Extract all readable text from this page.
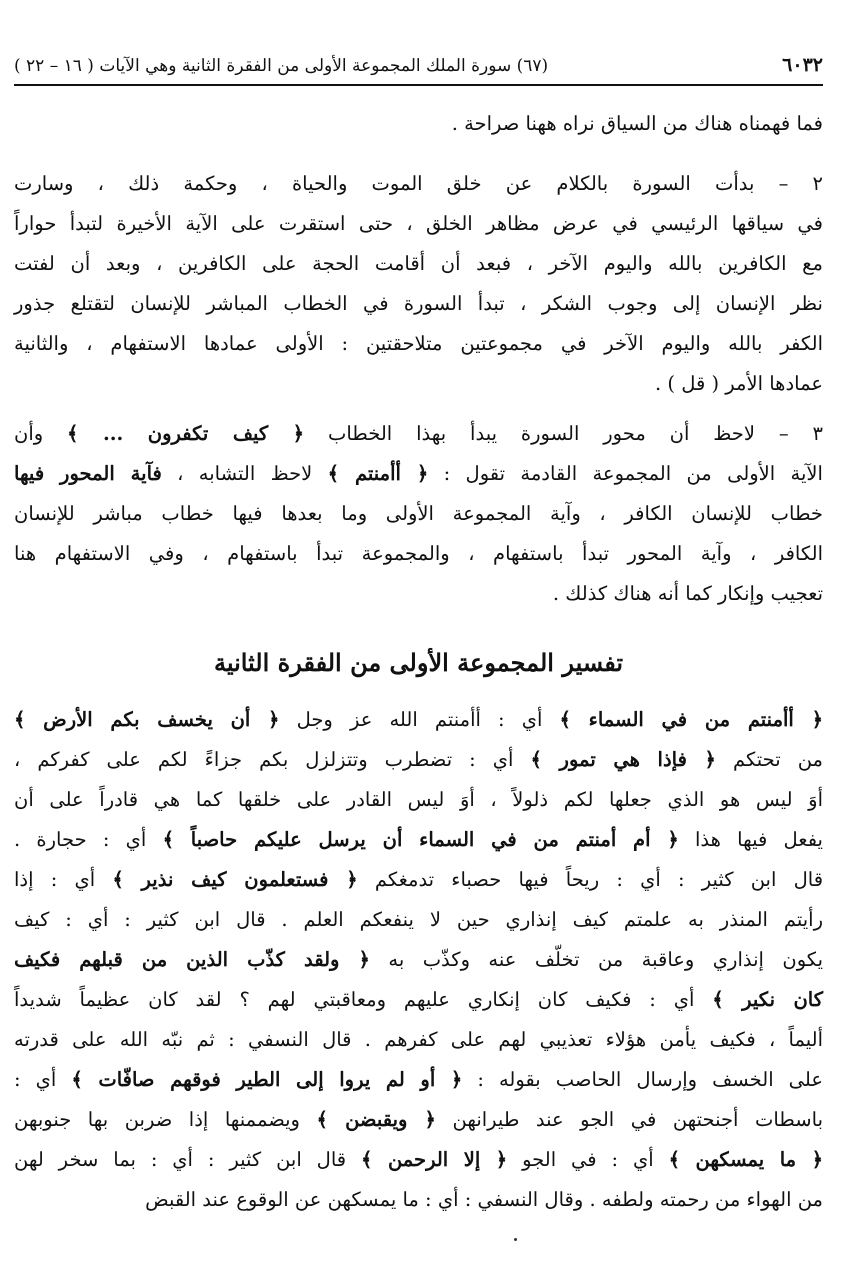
٦٠٣٢
(٦٧) سورة الملك المجموعة الأولى من الفقرة الثانية وهي الآيات ( ١٦ – ٢٢ )
فما فهمناه هناك من السياق نراه ههنا صراحة .
٢ – بدأت السورة بالكلام عن خلق الموت والحياة ، وحكمة ذلك ، وسارت
في سياقها الرئيسي في عرض مظاهر الخلق ، حتى استقرت على الآية الأخيرة لتبدأ حواراً
مع الكافرين بالله واليوم الآخر ، فبعد أن أقامت الحجة على الكافرين ، وبعد أن لفتت
نظر الإنسان إلى وجوب الشكر ، تبدأ السورة في الخطاب المباشر للإنسان لتقتلع جذور
الكفر بالله واليوم الآخر في مجموعتين متلاحقتين : الأولى عمادها الاستفهام ، والثانية
عمادها الأمر ( قل ) .
٣ – لاحظ أن محور السورة يبدأ بهذا الخطاب ﴿ كيف تكفرون ... ﴾ وأن
الآية الأولى من المجموعة القادمة تقول : ﴿ أأمنتم ﴾ لاحظ التشابه ، فآية المحور فيها
خطاب للإنسان الكافر ، وآية المجموعة الأولى وما بعدها فيها خطاب مباشر للإنسان
الكافر ، وآية المحور تبدأ باستفهام ، والمجموعة تبدأ باستفهام ، وفي الاستفهام هنا
تعجيب وإنكار كما أنه هناك كذلك .
تفسير المجموعة الأولى من الفقرة الثانية
﴿ أأمنتم من في السماء ﴾ أي : أأمنتم الله عز وجل ﴿ أن يخسف بكم الأرض ﴾
من تحتكم ﴿ فإذا هي تمور ﴾ أي : تضطرب وتتزلزل بكم جزاءً لكم على كفركم ،
أوَ ليس هو الذي جعلها لكم ذلولاً ، أوَ ليس القادر على خلقها كما هي قادراً على أن
يفعل فيها هذا ﴿ أم أمنتم من في السماء أن يرسل عليكم حاصباً ﴾ أي : حجارة .
قال ابن كثير : أي : ريحاً فيها حصباء تدمغكم ﴿ فستعلمون كيف نذير ﴾ أي : إذا
رأيتم المنذر به علمتم كيف إنذاري حين لا ينفعكم العلم . قال ابن كثير : أي : كيف
يكون إنذاري وعاقبة من تخلّف عنه وكذّب به ﴿ ولقد كذّب الذين من قبلهم فكيف
كان نكير ﴾ أي : فكيف كان إنكاري عليهم ومعاقبتي لهم ؟ لقد كان عظيماً شديداً
أليماً ، فكيف يأمن هؤلاء تعذيبي لهم على كفرهم . قال النسفي : ثم نبّه الله على قدرته
على الخسف وإرسال الحاصب بقوله : ﴿ أو لم يروا إلى الطير فوقهم صافّات ﴾ أي :
باسطات أجنحتهن في الجو عند طيرانهن ﴿ ويقبضن ﴾ ويضممنها إذا ضربن بها جنوبهن
﴿ ما يمسكهن ﴾ أي : في الجو ﴿ إلا الرحمن ﴾ قال ابن كثير : أي : بما سخر لهن
من الهواء من رحمته ولطفه . وقال النسفي : أي : ما يمسكهن عن الوقوع عند القبض
